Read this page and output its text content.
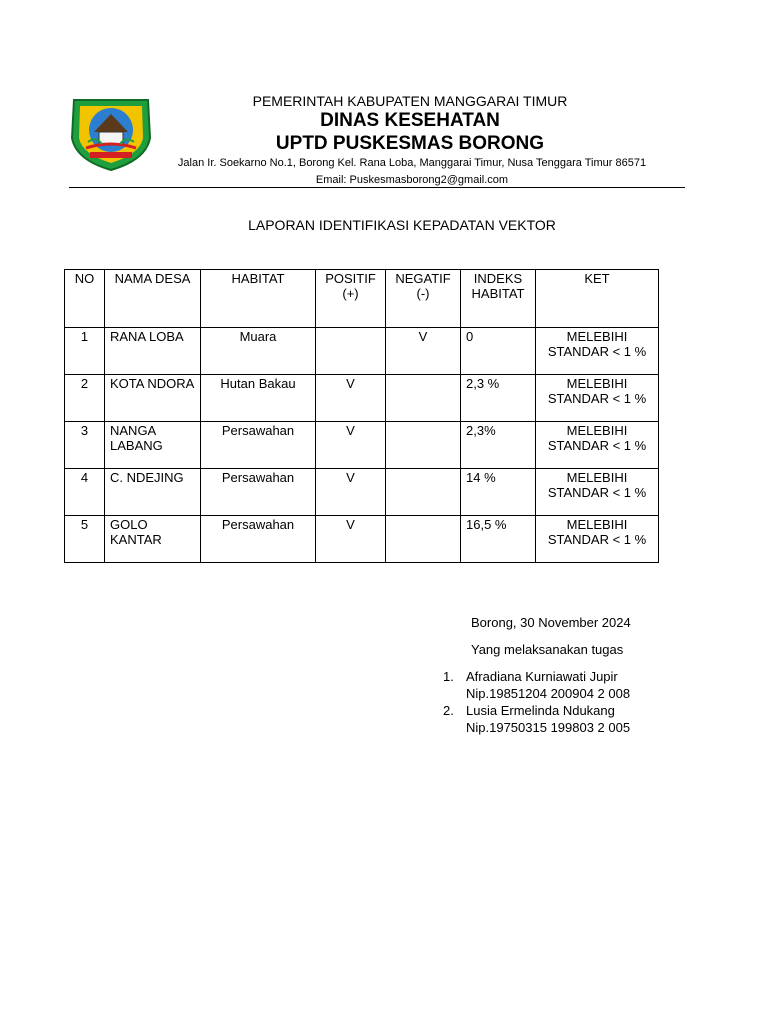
PEMERINTAH KABUPATEN MANGGARAI TIMUR
DINAS KESEHATAN
UPTD PUSKESMAS BORONG
Jalan Ir. Soekarno No.1, Borong Kel. Rana Loba, Manggarai Timur, Nusa Tenggara Timur 86571
Email: Puskesmasborong2@gmail.com
LAPORAN IDENTIFIKASI KEPADATAN VEKTOR
NO	NAMA DESA	HABITAT	POSITIF (+)	NEGATIF (-)	INDEKS HABITAT	KET
1	RANA LOBA	Muara		V	0	MELEBIHI STANDAR < 1 %
2	KOTA NDORA	Hutan Bakau	V		2,3 %	MELEBIHI STANDAR < 1 %
3	NANGA LABANG	Persawahan	V		2,3%	MELEBIHI STANDAR < 1 %
4	C. NDEJING	Persawahan	V		14 %	MELEBIHI STANDAR < 1 %
5	GOLO KANTAR	Persawahan	V		16,5 %	MELEBIHI STANDAR < 1 %
Borong, 30 November 2024
Yang melaksanakan tugas
1. Afradiana Kurniawati Jupir
Nip.19851204 200904 2 008
2. Lusia Ermelinda Ndukang
Nip.19750315 199803 2 005
